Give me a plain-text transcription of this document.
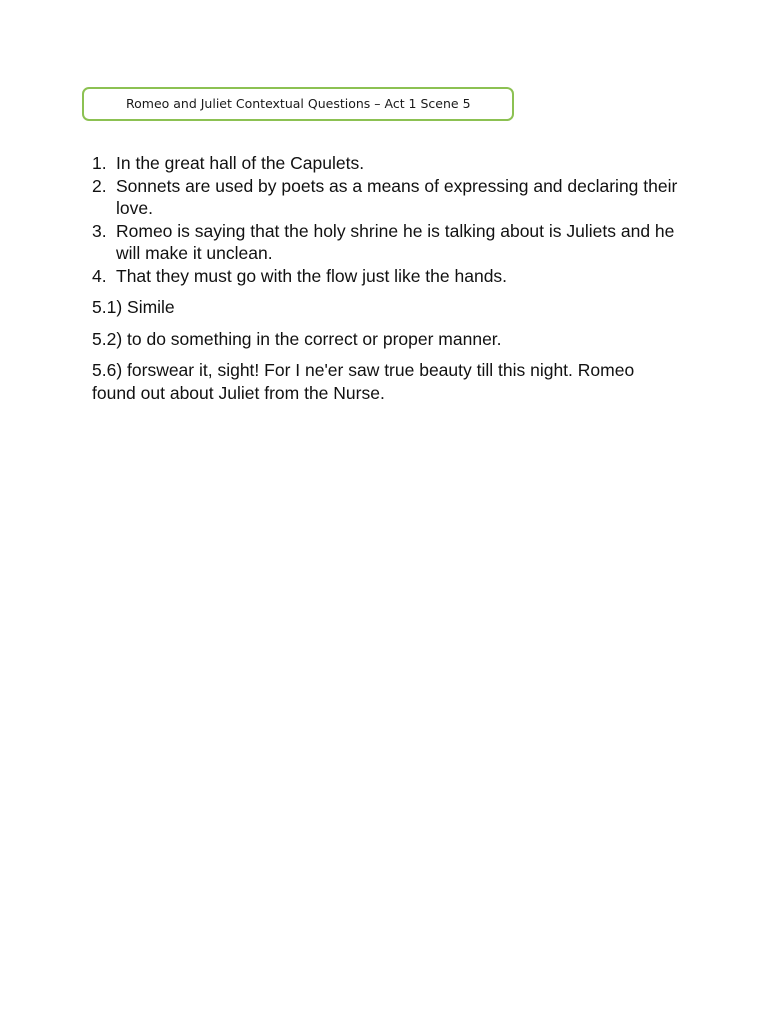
Romeo and Juliet Contextual Questions – Act 1 Scene 5
1. In the great hall of the Capulets.
2. Sonnets are used by poets as a means of expressing and declaring their love.
3. Romeo is saying that the holy shrine he is talking about is Juliets and he will make it unclean.
4. That they must go with the flow just like the hands.
5.1) Simile
5.2) to do something in the correct or proper manner.
5.6) forswear it, sight! For I ne'er saw true beauty till this night. Romeo found out about Juliet from the Nurse.
